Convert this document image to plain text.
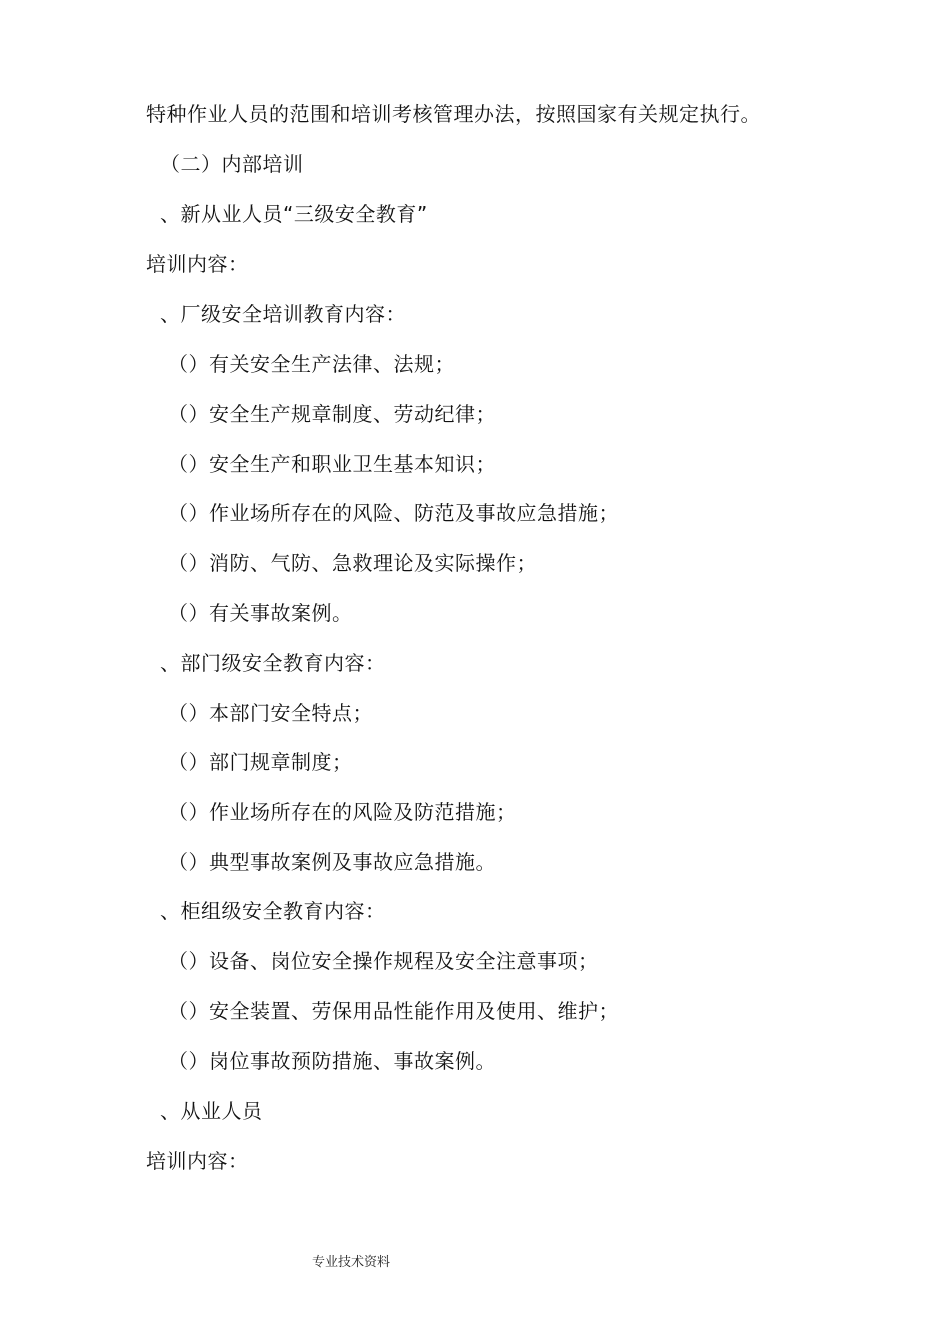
特种作业人员的范围和培训考核管理办法，按照国家有关规定执行。
（二）内部培训
、新从业人员“三级安全教育”
培训内容：
、厂级安全培训教育内容：
（）有关安全生产法律、法规；
（）安全生产规章制度、劳动纪律；
（）安全生产和职业卫生基本知识；
（）作业场所存在的风险、防范及事故应急措施；
（）消防、气防、急救理论及实际操作；
（）有关事故案例。
、部门级安全教育内容：
（）本部门安全特点；
（）部门规章制度；
（）作业场所存在的风险及防范措施；
（）典型事故案例及事故应急措施。
、柜组级安全教育内容：
（）设备、岗位安全操作规程及安全注意事项；
（）安全装置、劳保用品性能作用及使用、维护；
（）岗位事故预防措施、事故案例。
、从业人员
培训内容：
专业技术资料
